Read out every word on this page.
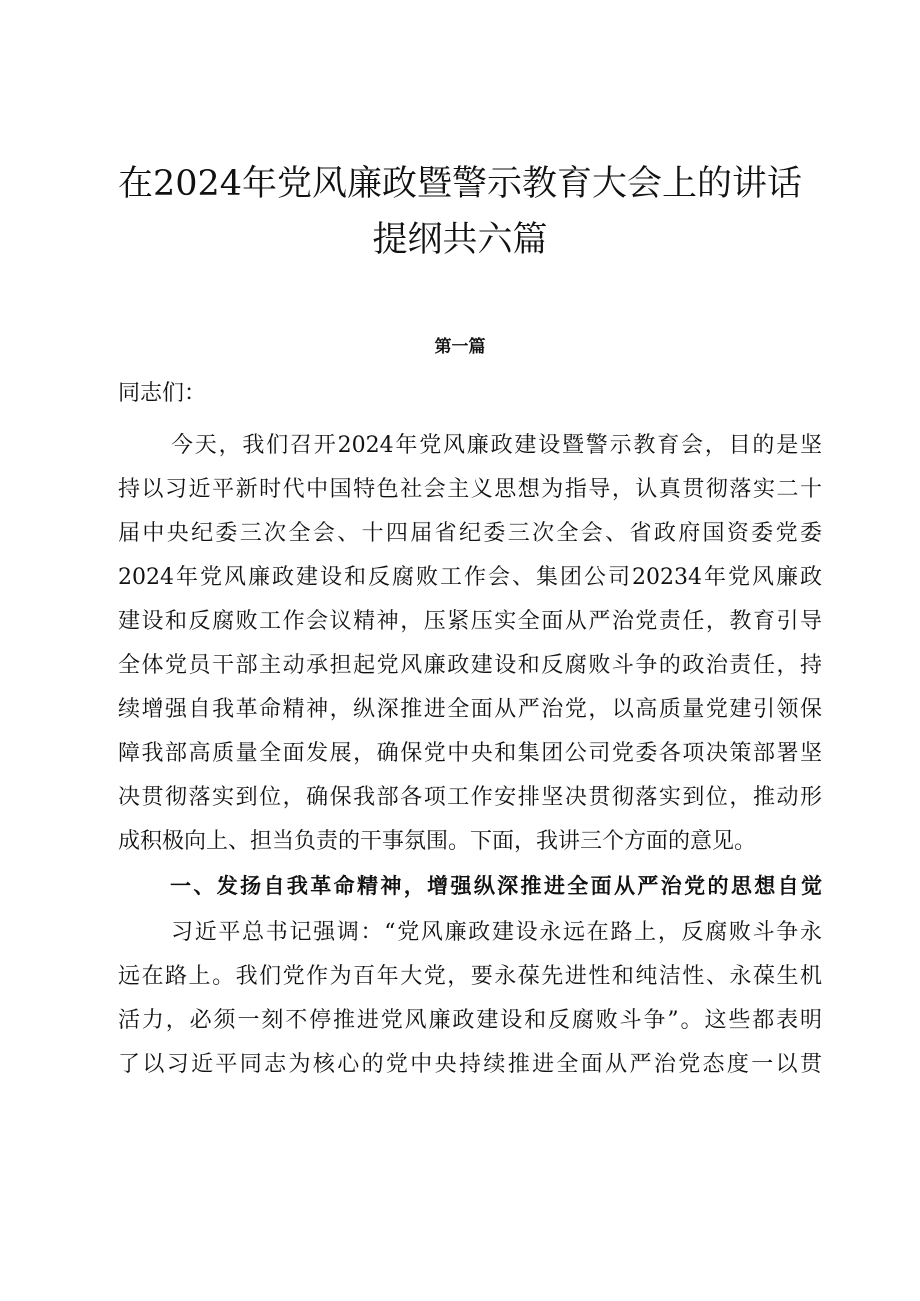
在2024年党风廉政暨警示教育大会上的讲话
提纲共六篇
第一篇
同志们：
今天，我们召开2024年党风廉政建设暨警示教育会，目的是坚
持以习近平新时代中国特色社会主义思想为指导，认真贯彻落实二十
届中央纪委三次全会、十四届省纪委三次全会、省政府国资委党委
2024年党风廉政建设和反腐败工作会、集团公司20234年党风廉政
建设和反腐败工作会议精神，压紧压实全面从严治党责任，教育引导
全体党员干部主动承担起党风廉政建设和反腐败斗争的政治责任，持
续增强自我革命精神，纵深推进全面从严治党，以高质量党建引领保
障我部高质量全面发展，确保党中央和集团公司党委各项决策部署坚
决贯彻落实到位，确保我部各项工作安排坚决贯彻落实到位，推动形
成积极向上、担当负责的干事氛围。下面，我讲三个方面的意见。
一、发扬自我革命精神，增强纵深推进全面从严治党的思想自觉
习近平总书记强调：“党风廉政建设永远在路上，反腐败斗争永
远在路上。我们党作为百年大党，要永葆先进性和纯洁性、永葆生机
活力，必须一刻不停推进党风廉政建设和反腐败斗争”。这些都表明
了以习近平同志为核心的党中央持续推进全面从严治党态度一以贯
